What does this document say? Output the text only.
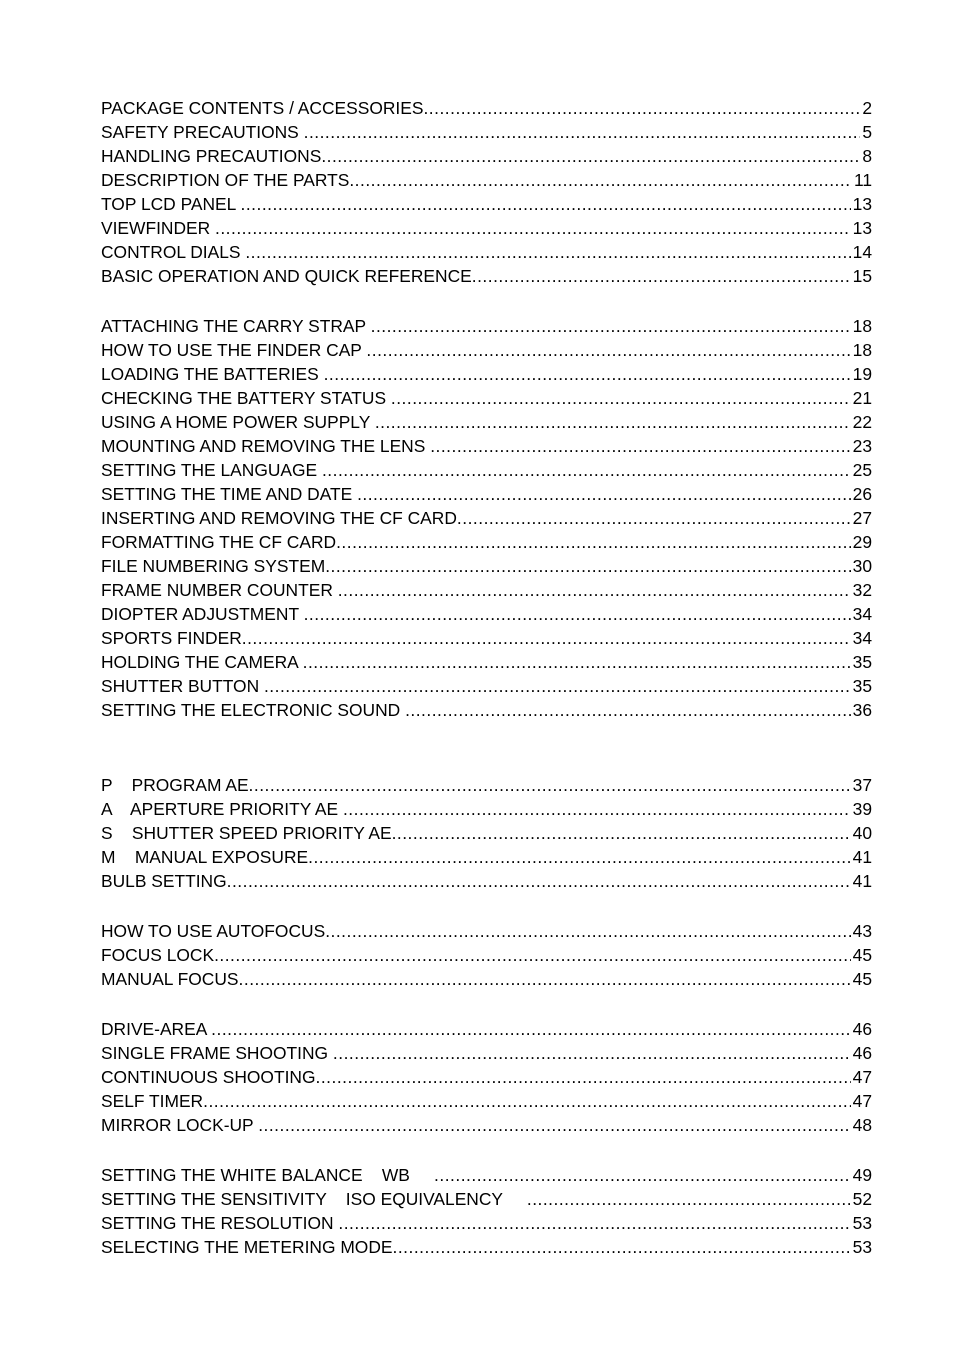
PACKAGE CONTENTS / ACCESSORIES .....	2
SAFETY PRECAUTIONS .....	5
HANDLING PRECAUTIONS .....	8
DESCRIPTION OF THE PARTS .....	11
TOP LCD PANEL .....	13
VIEWFINDER .....	13
CONTROL DIALS .....	14
BASIC OPERATION AND QUICK REFERENCE .....	15
ATTACHING THE CARRY STRAP .....	18
HOW TO USE THE FINDER CAP .....	18
LOADING THE BATTERIES .....	19
CHECKING THE BATTERY STATUS .....	21
USING A HOME POWER SUPPLY .....	22
MOUNTING AND REMOVING THE LENS .....	23
SETTING THE LANGUAGE .....	25
SETTING THE TIME AND DATE .....	26
INSERTING AND REMOVING THE CF CARD .....	27
FORMATTING THE CF CARD .....	29
FILE NUMBERING SYSTEM .....	30
FRAME NUMBER COUNTER .....	32
DIOPTER ADJUSTMENT .....	34
SPORTS FINDER .....	34
HOLDING THE CAMERA .....	35
SHUTTER BUTTON .....	35
SETTING THE ELECTRONIC SOUND .....	36
P    PROGRAM AE .....	37
A    APERTURE PRIORITY AE .....	39
S    SHUTTER SPEED PRIORITY AE .....	40
M    MANUAL EXPOSURE .....	41
BULB SETTING .....	41
HOW TO USE AUTOFOCUS .....	43
FOCUS LOCK .....	45
MANUAL FOCUS .....	45
DRIVE-AREA .....	46
SINGLE FRAME SHOOTING .....	46
CONTINUOUS SHOOTING .....	47
SELF TIMER .....	47
MIRROR LOCK-UP .....	48
SETTING THE WHITE BALANCE    WB .....	49
SETTING THE SENSITIVITY    ISO EQUIVALENCY .....	52
SETTING THE RESOLUTION .....	53
SELECTING THE METERING MODE .....	53
